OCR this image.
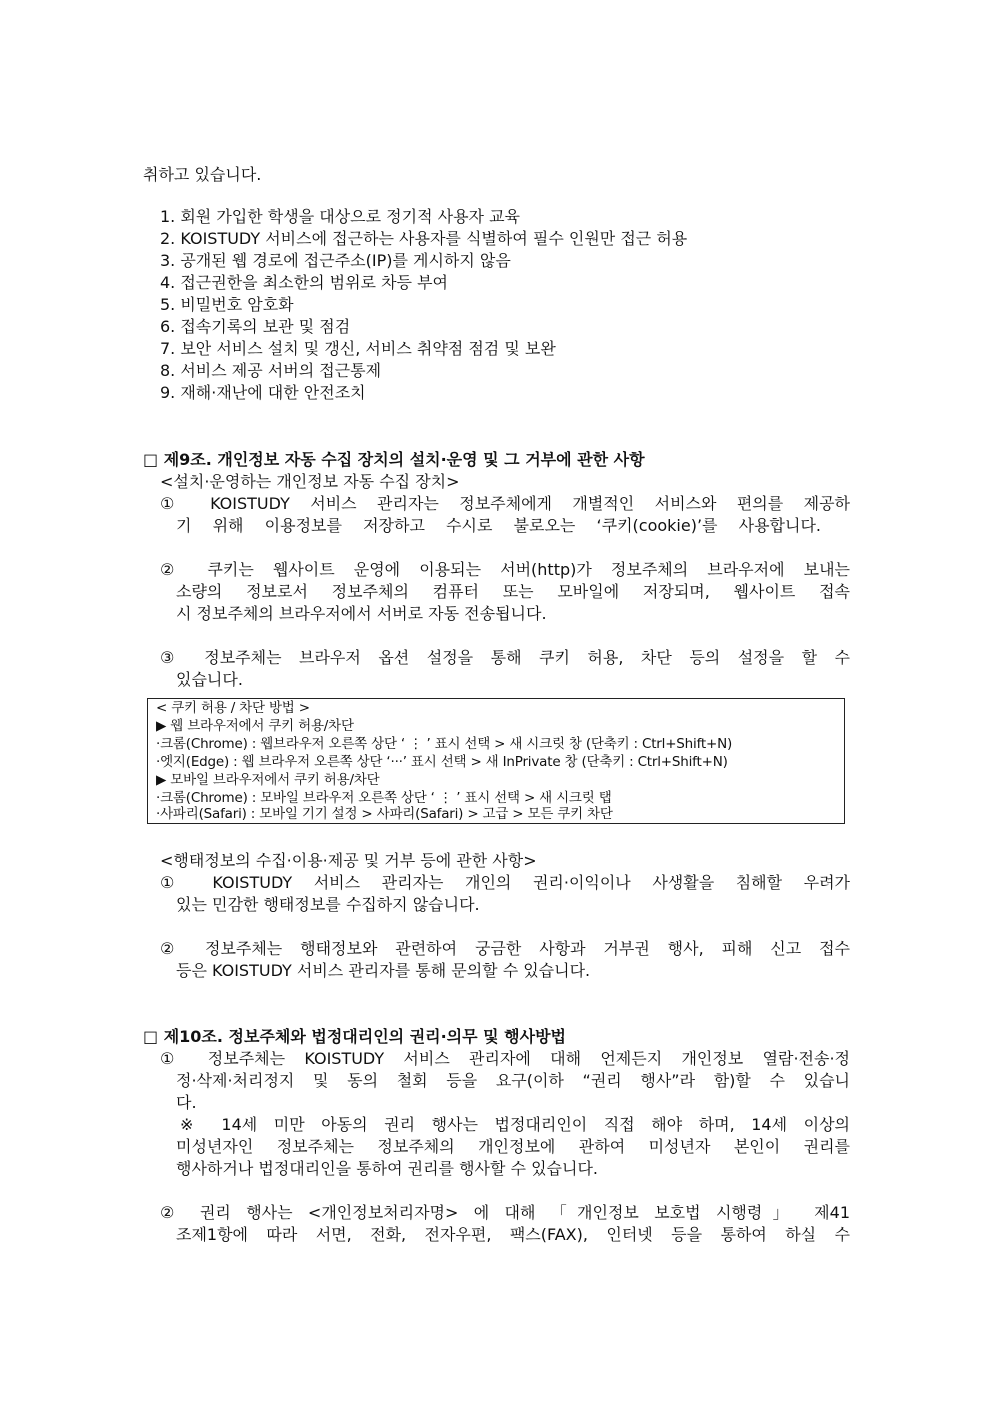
취하고 있습니다.
1. 회원 가입한 학생을 대상으로 정기적 사용자 교육
2. KOISTUDY 서비스에 접근하는 사용자를 식별하여 필수 인원만 접근 허용
3. 공개된 웹 경로에 접근주소(IP)를 게시하지 않음
4. 접근권한을 최소한의 범위로 차등 부여
5. 비밀번호 암호화
6. 접속기록의 보관 및 점검
7. 보안 서비스 설치 및 갱신, 서비스 취약점 점검 및 보완
8. 서비스 제공 서버의 접근통제
9. 재해·재난에 대한 안전조치
□ 제9조. 개인정보 자동 수집 장치의 설치·운영 및 그 거부에 관한 사항
<설치·운영하는 개인정보 자동 수집 장치>
① KOISTUDY 서비스 관리자는 정보주체에게 개별적인 서비스와 편의를 제공하
기 위해 이용정보를 저장하고 수시로 불로오는 ‘쿠키(cookie)’를 사용합니다.
② 쿠키는 웹사이트 운영에 이용되는 서버(http)가 정보주체의 브라우저에 보내는
소량의 정보로서 정보주체의 컴퓨터 또는 모바일에 저장되며, 웹사이트 접속
시 정보주체의 브라우저에서 서버로 자동 전송됩니다.
③ 정보주체는 브라우저 옵션 설정을 통해 쿠키 허용, 차단 등의 설정을 할 수
있습니다.
< 쿠키 허용 / 차단 방법 >
▶ 웹 브라우저에서 쿠키 허용/차단
·크롬(Chrome) : 웹브라우저 오른쪽 상단 ‘ ⋮ ’ 표시 선택 > 새 시크릿 창 (단축키 : Ctrl+Shift+N)
·엣지(Edge) : 웹 브라우저 오른쪽 상단 ‘···’ 표시 선택 > 새 InPrivate 창 (단축키 : Ctrl+Shift+N)
▶ 모바일 브라우저에서 쿠키 허용/차단
·크롬(Chrome) : 모바일 브라우저 오른쪽 상단 ‘ ⋮ ’ 표시 선택 > 새 시크릿 탭
·사파리(Safari) : 모바일 기기 설정 > 사파리(Safari) > 고급 > 모든 쿠키 차단
<행태정보의 수집·이용·제공 및 거부 등에 관한 사항>
① KOISTUDY 서비스 관리자는 개인의 권리·이익이나 사생활을 침해할 우려가
있는 민감한 행태정보를 수집하지 않습니다.
② 정보주체는 행태정보와 관련하여 궁금한 사항과 거부권 행사, 피해 신고 접수
등은 KOISTUDY 서비스 관리자를 통해 문의할 수 있습니다.
□ 제10조. 정보주체와 법정대리인의 권리·의무 및 행사방법
① 정보주체는 KOISTUDY 서비스 관리자에 대해 언제든지 개인정보 열람·전송·정
정·삭제·처리정지 및 동의 철회 등을 요구(이하 “권리 행사”라 함)할 수 있습니
다.
※ 14세 미만 아동의 권리 행사는 법정대리인이 직접 해야 하며, 14세 이상의
미성년자인 정보주체는 정보주체의 개인정보에 관하여 미성년자 본인이 권리를
행사하거나 법정대리인을 통하여 권리를 행사할 수 있습니다.
② 권리 행사는 <개인정보처리자명> 에 대해 「개인정보 보호법 시행령」 제41
조제1항에 따라 서면, 전화, 전자우편, 팩스(FAX), 인터넷 등을 통하여 하실 수
